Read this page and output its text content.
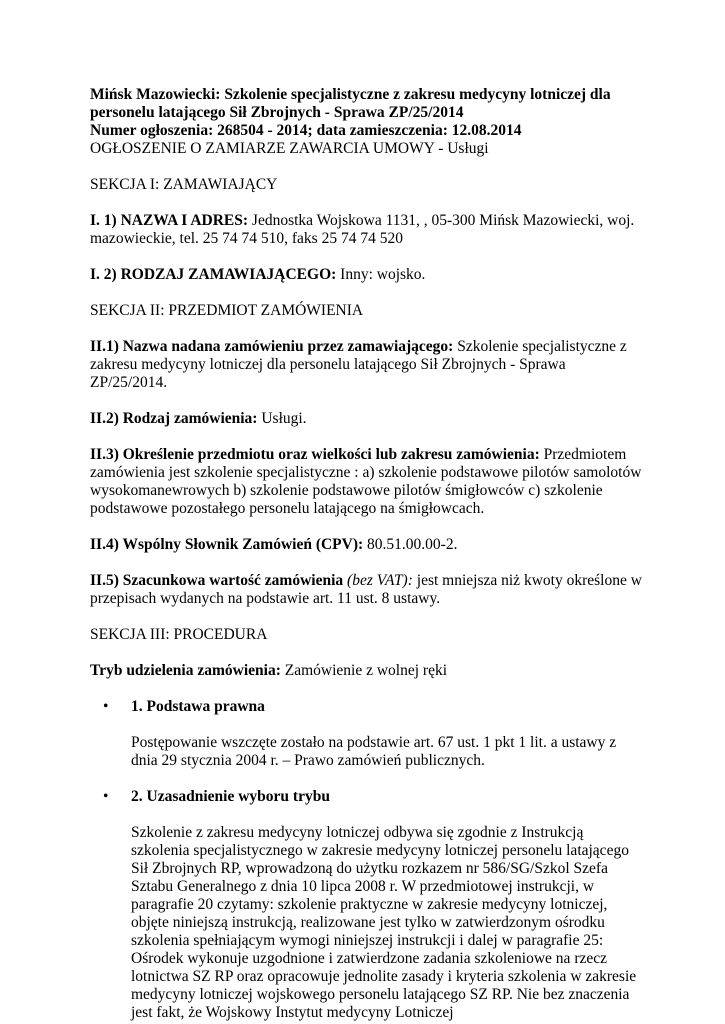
Mińsk Mazowiecki: Szkolenie specjalistyczne z zakresu medycyny lotniczej dla
personelu latającego Sił Zbrojnych - Sprawa ZP/25/2014
Numer ogłoszenia: 268504 - 2014; data zamieszczenia: 12.08.2014

OGŁOSZENIE O ZAMIARZE ZAWARCIA UMOWY - Usługi

SEKCJA I: ZAMAWIAJĄCY

I. 1) NAZWA I ADRES: Jednostka Wojskowa 1131, , 05-300 Mińsk Mazowiecki, woj. mazowieckie, tel. 25 74 74 510, faks 25 74 74 520

I. 2) RODZAJ ZAMAWIAJĄCEGO: Inny: wojsko.

SEKCJA II: PRZEDMIOT ZAMÓWIENIA

II.1) Nazwa nadana zamówieniu przez zamawiającego: Szkolenie specjalistyczne z zakresu medycyny lotniczej dla personelu latającego Sił Zbrojnych - Sprawa ZP/25/2014.

II.2) Rodzaj zamówienia: Usługi.

II.3) Określenie przedmiotu oraz wielkości lub zakresu zamówienia: Przedmiotem zamówienia jest szkolenie specjalistyczne : a) szkolenie podstawowe pilotów samolotów wysokomanewrowych b) szkolenie podstawowe pilotów śmigłowców c) szkolenie podstawowe pozostałego personelu latającego na śmigłowcach.

II.4) Wspólny Słownik Zamówień (CPV): 80.51.00.00-2.

II.5) Szacunkowa wartość zamówienia (bez VAT): jest mniejsza niż kwoty określone w przepisach wydanych na podstawie art. 11 ust. 8 ustawy.

SEKCJA III: PROCEDURA

Tryb udzielenia zamówienia: Zamówienie z wolnej ręki

• 1. Podstawa prawna

Postępowanie wszczęte zostało na podstawie art. 67 ust. 1 pkt 1 lit. a ustawy z dnia 29 stycznia 2004 r. – Prawo zamówień publicznych.

• 2. Uzasadnienie wyboru trybu

Szkolenie z zakresu medycyny lotniczej odbywa się zgodnie z Instrukcją szkolenia specjalistycznego w zakresie medycyny lotniczej personelu latającego Sił Zbrojnych RP, wprowadzoną do użytku rozkazem nr 586/SG/Szkol Szefa Sztabu Generalnego z dnia 10 lipca 2008 r. W przedmiotowej instrukcji, w paragrafie 20 czytamy: szkolenie praktyczne w zakresie medycyny lotniczej, objęte niniejszą instrukcją, realizowane jest tylko w zatwierdzonym ośrodku szkolenia spełniającym wymogi niniejszej instrukcji i dalej w paragrafie 25: Ośrodek wykonuje uzgodnione i zatwierdzone zadania szkoleniowe na rzecz lotnictwa SZ RP oraz opracowuje jednolite zasady i kryteria szkolenia w zakresie medycyny lotniczej wojskowego personelu latającego SZ RP. Nie bez znaczenia jest fakt, że Wojskowy Instytut medycyny Lotniczej
